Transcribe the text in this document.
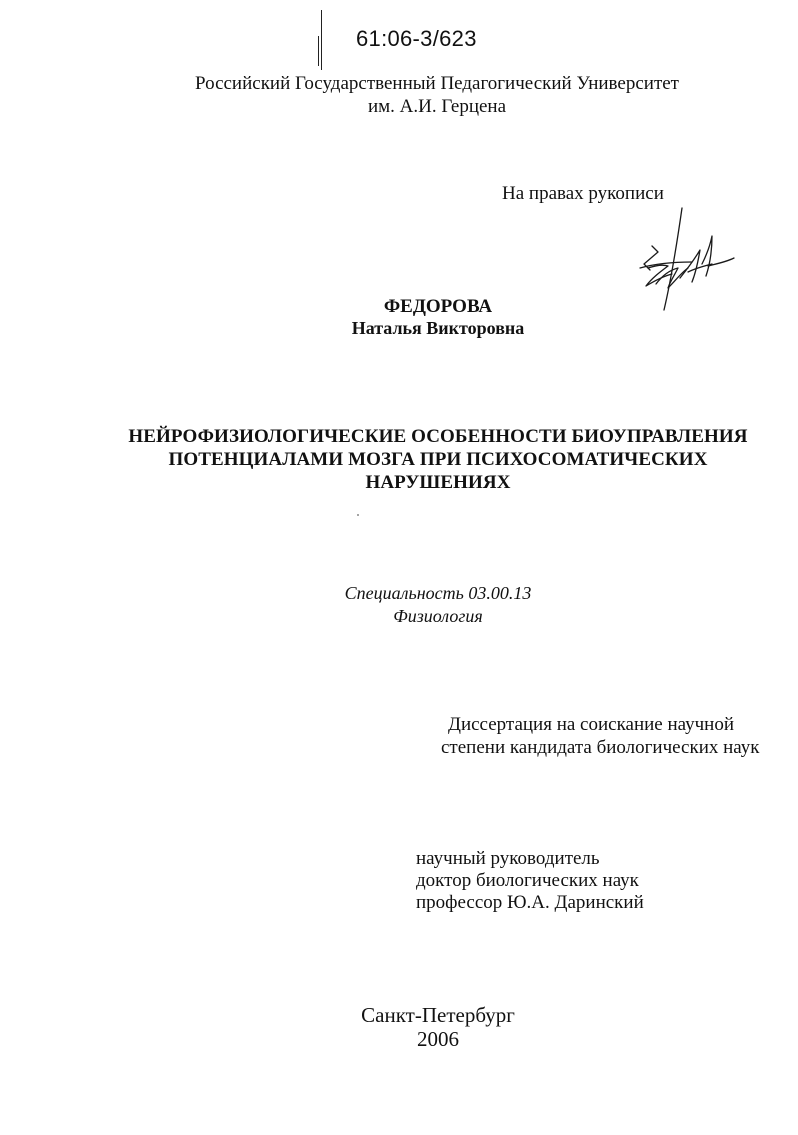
61:06-3/623
Российский Государственный Педагогический Университет
им. А.И. Герцена
На правах рукописи
ФЕДОРОВА
Наталья Викторовна
НЕЙРОФИЗИОЛОГИЧЕСКИЕ ОСОБЕННОСТИ БИОУПРАВЛЕНИЯ
ПОТЕНЦИАЛАМИ МОЗГА ПРИ ПСИХОСОМАТИЧЕСКИХ
НАРУШЕНИЯХ
Специальность 03.00.13
Физиология
Диссертация на соискание научной
степени кандидата биологических наук
научный руководитель
доктор биологических наук
профессор Ю.А. Даринский
Санкт-Петербург
2006
